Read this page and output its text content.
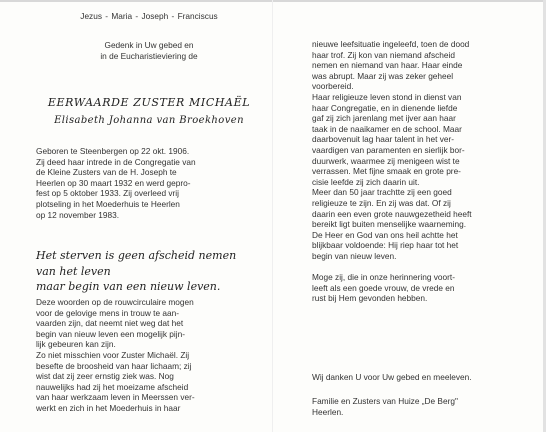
Jezus - Maria - Joseph - Franciscus

Gedenk in Uw gebed en
in de Eucharistieviering de
EERWAARDE ZUSTER MICHAËL
Elisabeth Johanna van Broekhoven
Geboren te Steenbergen op 22 okt. 1906.
Zij deed haar intrede in de Congregatie van
de Kleine Zusters van de H. Joseph te
Heerlen op 30 maart 1932 en werd gepro-
fest op 5 oktober 1933. Zij overleed vrij
plotseling in het Moederhuis te Heerlen
op 12 november 1983.
Het sterven is geen afscheid nemen
van het leven
maar begin van een nieuw leven.
Deze woorden op de rouwcirculaire mogen
voor de gelovige mens in trouw te aan-
vaarden zijn, dat neemt niet weg dat het
begin van nieuw leven een mogelijk pijn-
lijk gebeuren kan zijn.
Zo niet misschien voor Zuster Michaël. Zij
besefte de broosheid van haar lichaam; zij
wist dat zij zeer ernstig ziek was. Nog
nauwelijks had zij het moeizame afscheid
van haar werkzaam leven in Meerssen ver-
werkt en zich in het Moederhuis in haar
nieuwe leefsituatie ingeleefd, toen de dood
haar trof. Zij kon van niemand afscheid
nemen en niemand van haar. Haar einde
was abrupt. Maar zij was zeker geheel
voorbereid.
Haar religieuze leven stond in dienst van
haar Congregatie, en in dienende liefde
gaf zij zich jarenlang met ijver aan haar
taak in de naaikamer en de school. Maar
daarbovenuit lag haar talent in het ver-
vaardigen van paramenten en sierlijk bor-
duurwerk, waarmee zij menigeen wist te
verrassen. Met fijne smaak en grote pre-
cisie leefde zij zich daarin uit.
Meer dan 50 jaar trachtte zij een goed
religieuze te zijn. En zij was dat. Of zij
daarin een even grote nauwgezetheid heeft
bereikt ligt buiten menselijke waarneming.
De Heer en God van ons heil achtte het
blijkbaar voldoende: Hij riep haar tot het
begin van nieuw leven.
Moge zij, die in onze herinnering voort-
leeft als een goede vrouw, de vrede en
rust bij Hem gevonden hebben.
Wij danken U voor Uw gebed en meeleven.
Familie en Zusters van Huize „De Berg"
Heerlen.
